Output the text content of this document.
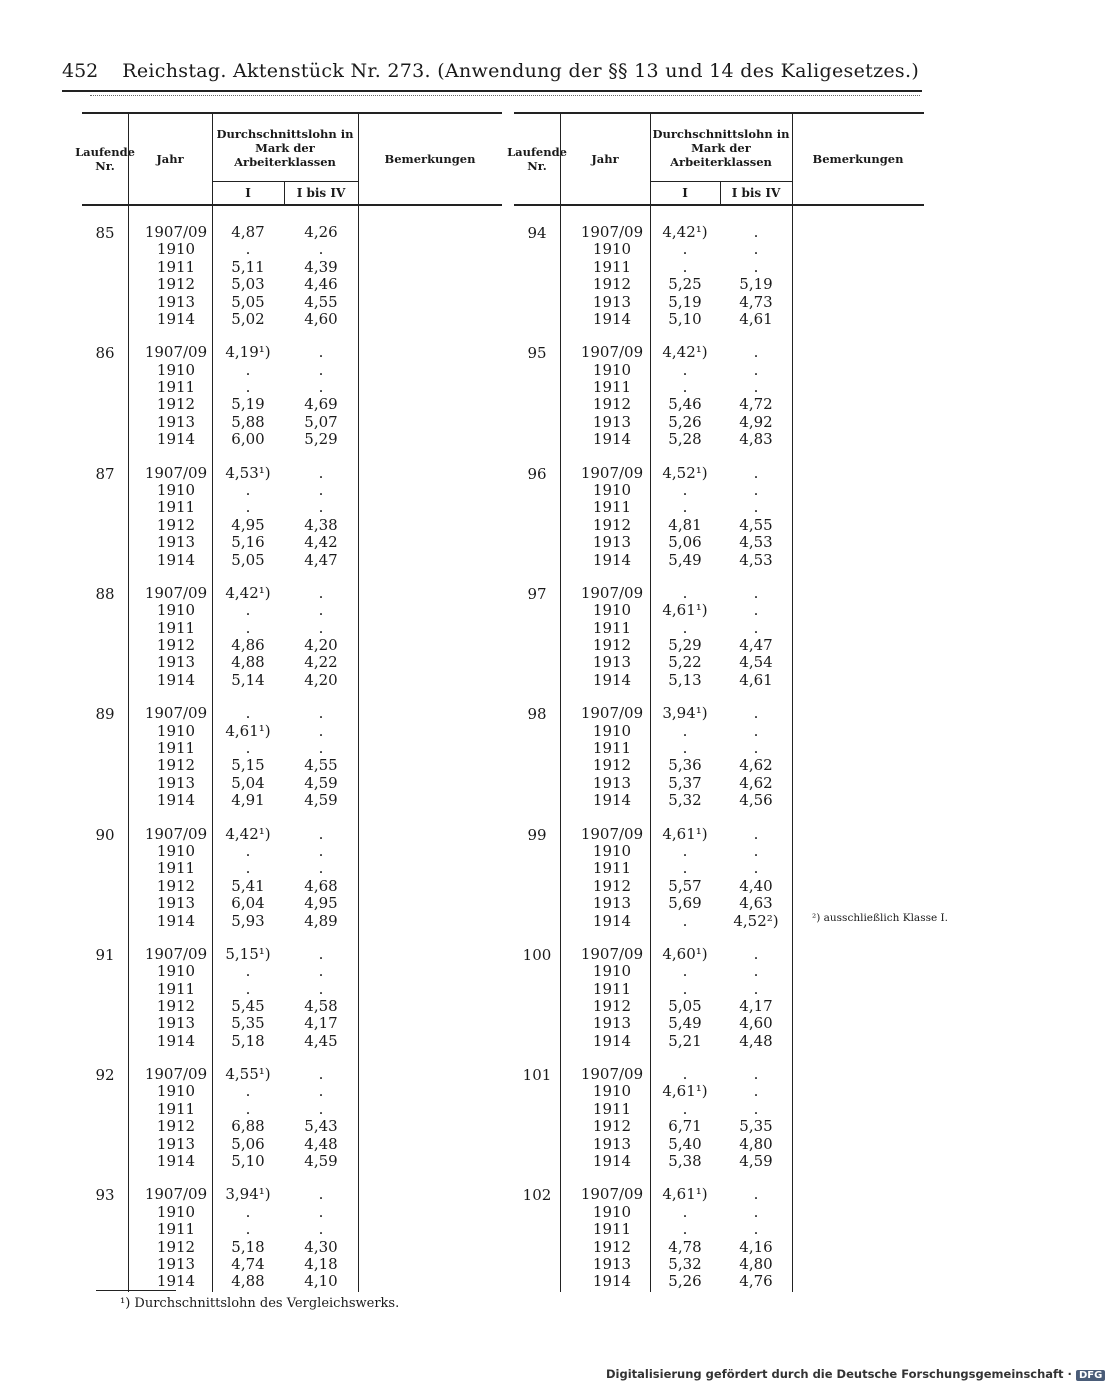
452 Reichstag. Aktenstück Nr. 273. (Anwendung der §§ 13 und 14 des Kaligesetzes.)
Laufende Nr.	Jahr
Durchschnittslohn in Mark der Arbeiterklassen
I	I bis IV
Bemerkungen
85	1907/09	4,87	4,26
1910	.	.
1911	5,11	4,39
1912	5,03	4,46
1913	5,05	4,55
1914	5,02	4,60
86	1907/09	4,19¹)	.
1910	.	.
1911	.	.
1912	5,19	4,69
1913	5,88	5,07
1914	6,00	5,29
87	1907/09	4,53¹)	.
1910	.	.
1911	.	.
1912	4,95	4,38
1913	5,16	4,42
1914	5,05	4,47
88	1907/09	4,42¹)	.
1910	.	.
1911	.	.
1912	4,86	4,20
1913	4,88	4,22
1914	5,14	4,20
89	1907/09	.	.
1910	4,61¹)	.
1911	.	.
1912	5,15	4,55
1913	5,04	4,59
1914	4,91	4,59
90	1907/09	4,42¹)	.
1910	.	.
1911	.	.
1912	5,41	4,68
1913	6,04	4,95
1914	5,93	4,89
91	1907/09	5,15¹)	.
1910	.	.
1911	.	.
1912	5,45	4,58
1913	5,35	4,17
1914	5,18	4,45
92	1907/09	4,55¹)	.
1910	.	.
1911	.	.
1912	6,88	5,43
1913	5,06	4,48
1914	5,10	4,59
93	1907/09	3,94¹)	.
1910	.	.
1911	.	.
1912	5,18	4,30
1913	4,74	4,18
1914	4,88	4,10
Laufende Nr.	Jahr
Durchschnittslohn in Mark der Arbeiterklassen
I	I bis IV
Bemerkungen
94	1907/09	4,42¹)	.
1910	.	.
1911	.	.
1912	5,25	5,19
1913	5,19	4,73
1914	5,10	4,61
95	1907/09	4,42¹)	.
1910	.	.
1911	.	.
1912	5,46	4,72
1913	5,26	4,92
1914	5,28	4,83
96	1907/09	4,52¹)	.
1910	.	.
1911	.	.
1912	4,81	4,55
1913	5,06	4,53
1914	5,49	4,53
97	1907/09	.	.
1910	4,61¹)	.
1911	.	.
1912	5,29	4,47
1913	5,22	4,54
1914	5,13	4,61
98	1907/09	3,94¹)	.
1910	.	.
1911	.	.
1912	5,36	4,62
1913	5,37	4,62
1914	5,32	4,56
99	1907/09	4,61¹)	.
1910	.	.
1911	.	.
1912	5,57	4,40
1913	5,69	4,63
1914	.	4,52²)
100	1907/09	4,60¹)	.
1910	.	.
1911	.	.
1912	5,05	4,17
1913	5,49	4,60
1914	5,21	4,48
101	1907/09	.	.
1910	4,61¹)	.
1911	.	.
1912	6,71	5,35
1913	5,40	4,80
1914	5,38	4,59
102	1907/09	4,61¹)	.
1910	.	.
1911	.	.
1912	4,78	4,16
1913	5,32	4,80
1914	5,26	4,76
²) ausschließlich Klasse I.
¹) Durchschnittslohn des Vergleichswerks.
Digitalisierung gefördert durch die Deutsche Forschungsgemeinschaft · DFG
